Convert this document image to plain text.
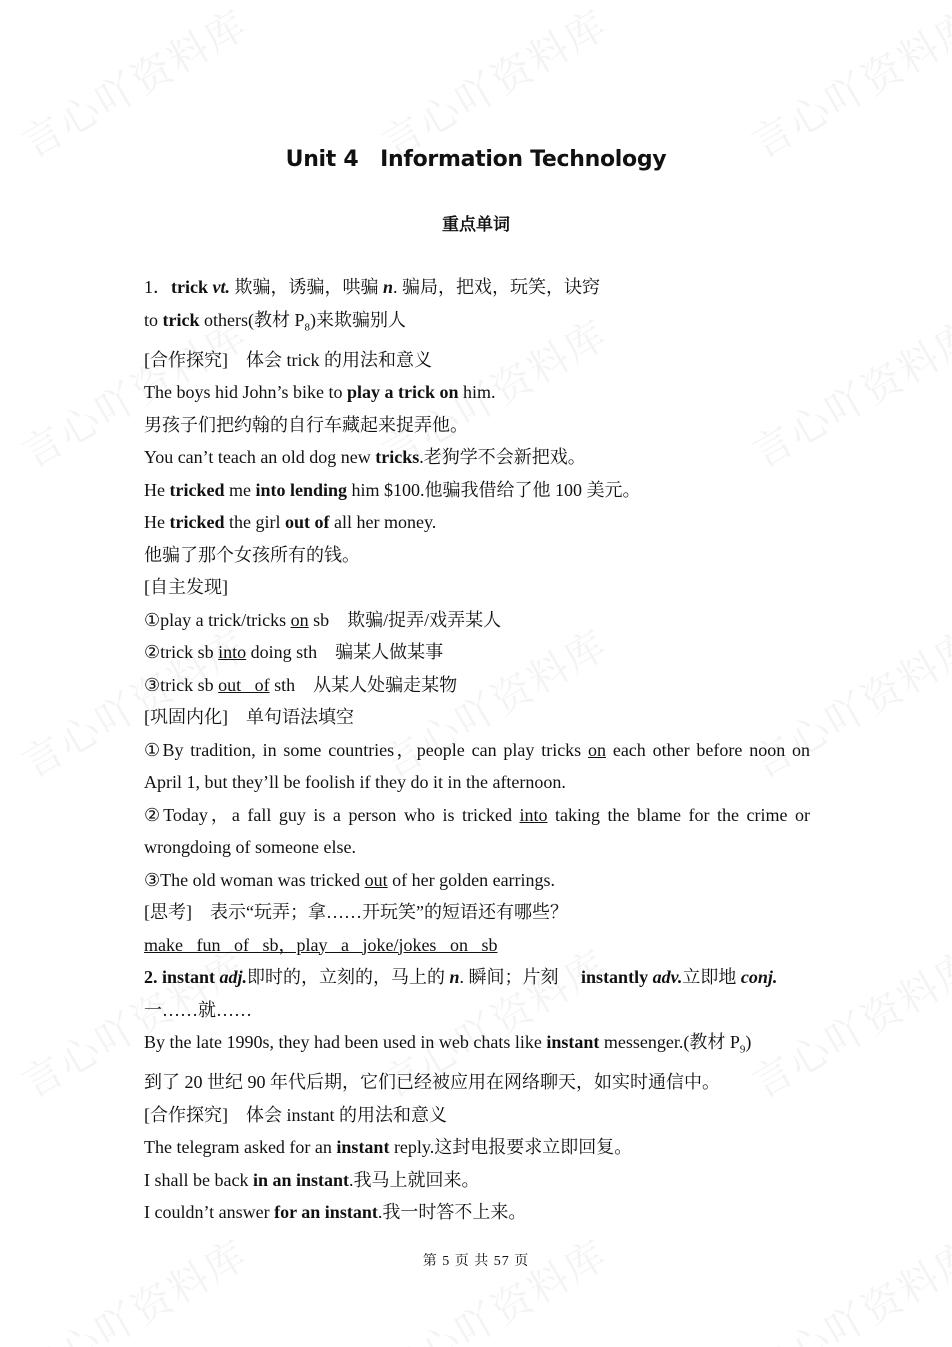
Unit 4　Information Technology
重点单词

1．trick vt. 欺骗，诱骗，哄骗 n. 骗局，把戏，玩笑，诀窍

to trick others(教材 $P_8$)来欺骗别人

[合作探究]　体会 trick 的用法和意义

The boys hid John’s bike to play a trick on him.

男孩子们把约翰的自行车藏起来捉弄他。

You can’t teach an old dog new tricks.老狗学不会新把戏。

He tricked me into lending him $100.他骗我借给了他 100 美元。

He tricked the girl out of all her money.

他骗了那个女孩所有的钱。

[自主发现]

①play a trick/tricks on sb　欺骗/捉弄/戏弄某人

②trick sb into doing sth　骗某人做某事

③trick sb out   of sth　从某人处骗走某物

[巩固内化]　单句语法填空

①By tradition, in some countries，people can play tricks on each other before noon on April 1, but they’ll be foolish if they do it in the afternoon.

②Today，a fall guy is a person who is tricked into taking the blame for the crime or wrongdoing of someone else.

③The old woman was tricked out of her golden earrings.

[思考]　表示“玩弄；拿……开玩笑”的短语还有哪些？

make   fun   of   sb，play   a   joke/jokes   on   sb

2. instant adj.即时的，立刻的，马上的 n. 瞬间；片刻　 instantly adv.立即地 conj.
一……就……

By the late 1990s, they had been used in web chats like instant messenger.(教材 $P_9$)

到了 20 世纪 90 年代后期，它们已经被应用在网络聊天，如实时通信中。

[合作探究]　体会 instant 的用法和意义

The telegram asked for an instant reply.这封电报要求立即回复。

I shall be back in an instant.我马上就回来。

I couldn’t answer for an instant.我一时答不上来。

第 5 页 共 57 页
